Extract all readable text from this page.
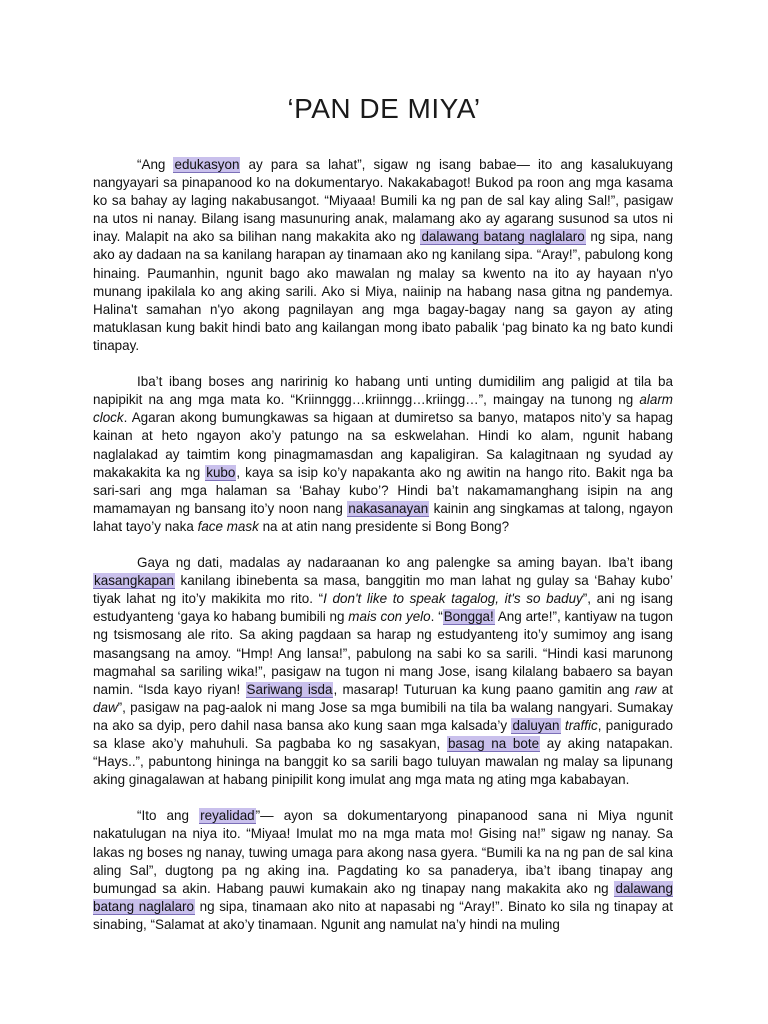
‘PAN DE MIYA’

“Ang edukasyon ay para sa lahat”, sigaw ng isang babae— ito ang kasalukuyang nangyayari sa pinapanood ko na dokumentaryo. Nakakabagot! Bukod pa roon ang mga kasama ko sa bahay ay laging nakabusangot. “Miyaaa! Bumili ka ng pan de sal kay aling Sal!”, pasigaw na utos ni nanay. Bilang isang masunuring anak, malamang ako ay agarang susunod sa utos ni inay. Malapit na ako sa bilihan nang makakita ako ng dalawang batang naglalaro ng sipa, nang ako ay dadaan na sa kanilang harapan ay tinamaan ako ng kanilang sipa. “Aray!”, pabulong kong hinaing. Paumanhin, ngunit bago ako mawalan ng malay sa kwento na ito ay hayaan n'yo munang ipakilala ko ang aking sarili. Ako si Miya, naiinip na habang nasa gitna ng pandemya. Halina't samahan n'yo akong pagnilayan ang mga bagay-bagay nang sa gayon ay ating matuklasan kung bakit hindi bato ang kailangan mong ibato pabalik ‘pag binato ka ng bato kundi tinapay.

Iba’t ibang boses ang naririnig ko habang unti unting dumidilim ang paligid at tila ba napipikit na ang mga mata ko. “Kriinnggg…kriinngg…kriingg…”, maingay na tunong ng alarm clock. Agaran akong bumungkawas sa higaan at dumiretso sa banyo, matapos nito’y sa hapag kainan at heto ngayon ako’y patungo na sa eskwelahan. Hindi ko alam, ngunit habang naglalakad ay taimtim kong pinagmamasdan ang kapaligiran. Sa kalagitnaan ng syudad ay makakakita ka ng kubo, kaya sa isip ko’y napakanta ako ng awitin na hango rito. Bakit nga ba sari-sari ang mga halaman sa ‘Bahay kubo’? Hindi ba’t nakamamanghang isipin na ang mamamayan ng bansang ito’y noon nang nakasanayan kainin ang singkamas at talong, ngayon lahat tayo’y naka face mask na at atin nang presidente si Bong Bong?

Gaya ng dati, madalas ay nadaraanan ko ang palengke sa aming bayan. Iba’t ibang kasangkapan kanilang ibinebenta sa masa, banggitin mo man lahat ng gulay sa ‘Bahay kubo’ tiyak lahat ng ito’y makikita mo rito. “I don't like to speak tagalog, it's so baduy”, ani ng isang estudyanteng ‘gaya ko habang bumibili ng mais con yelo. “Bongga! Ang arte!”, kantiyaw na tugon ng tsismosang ale rito. Sa aking pagdaan sa harap ng estudyanteng ito’y sumimoy ang isang masangsang na amoy. “Hmp! Ang lansa!”, pabulong na sabi ko sa sarili. “Hindi kasi marunong magmahal sa sariling wika!”, pasigaw na tugon ni mang Jose, isang kilalang babaero sa bayan namin. “Isda kayo riyan! Sariwang isda, masarap! Tuturuan ka kung paano gamitin ang raw at daw”, pasigaw na pag-aalok ni mang Jose sa mga bumibili na tila ba walang nangyari. Sumakay na ako sa dyip, pero dahil nasa bansa ako kung saan mga kalsada’y daluyan traffic, panigurado sa klase ako’y mahuhuli. Sa pagbaba ko ng sasakyan, basag na bote ay aking natapakan. “Hays..”, pabuntong hininga na banggit ko sa sarili bago tuluyan mawalan ng malay sa lipunang aking ginagalawan at habang pinipilit kong imulat ang mga mata ng ating mga kababayan.

“Ito ang reyalidad”— ayon sa dokumentaryong pinapanood sana ni Miya ngunit nakatulugan na niya ito. “Miyaa! Imulat mo na mga mata mo! Gising na!” sigaw ng nanay. Sa lakas ng boses ng nanay, tuwing umaga para akong nasa gyera. “Bumili ka na ng pan de sal kina aling Sal”, dugtong pa ng aking ina. Pagdating ko sa panaderya, iba’t ibang tinapay ang bumungad sa akin. Habang pauwi kumakain ako ng tinapay nang makakita ako ng dalawang batang naglalaro ng sipa, tinamaan ako nito at napasabi ng “Aray!”. Binato ko sila ng tinapay at sinabing, “Salamat at ako’y tinamaan. Ngunit ang namulat na’y hindi na muling
